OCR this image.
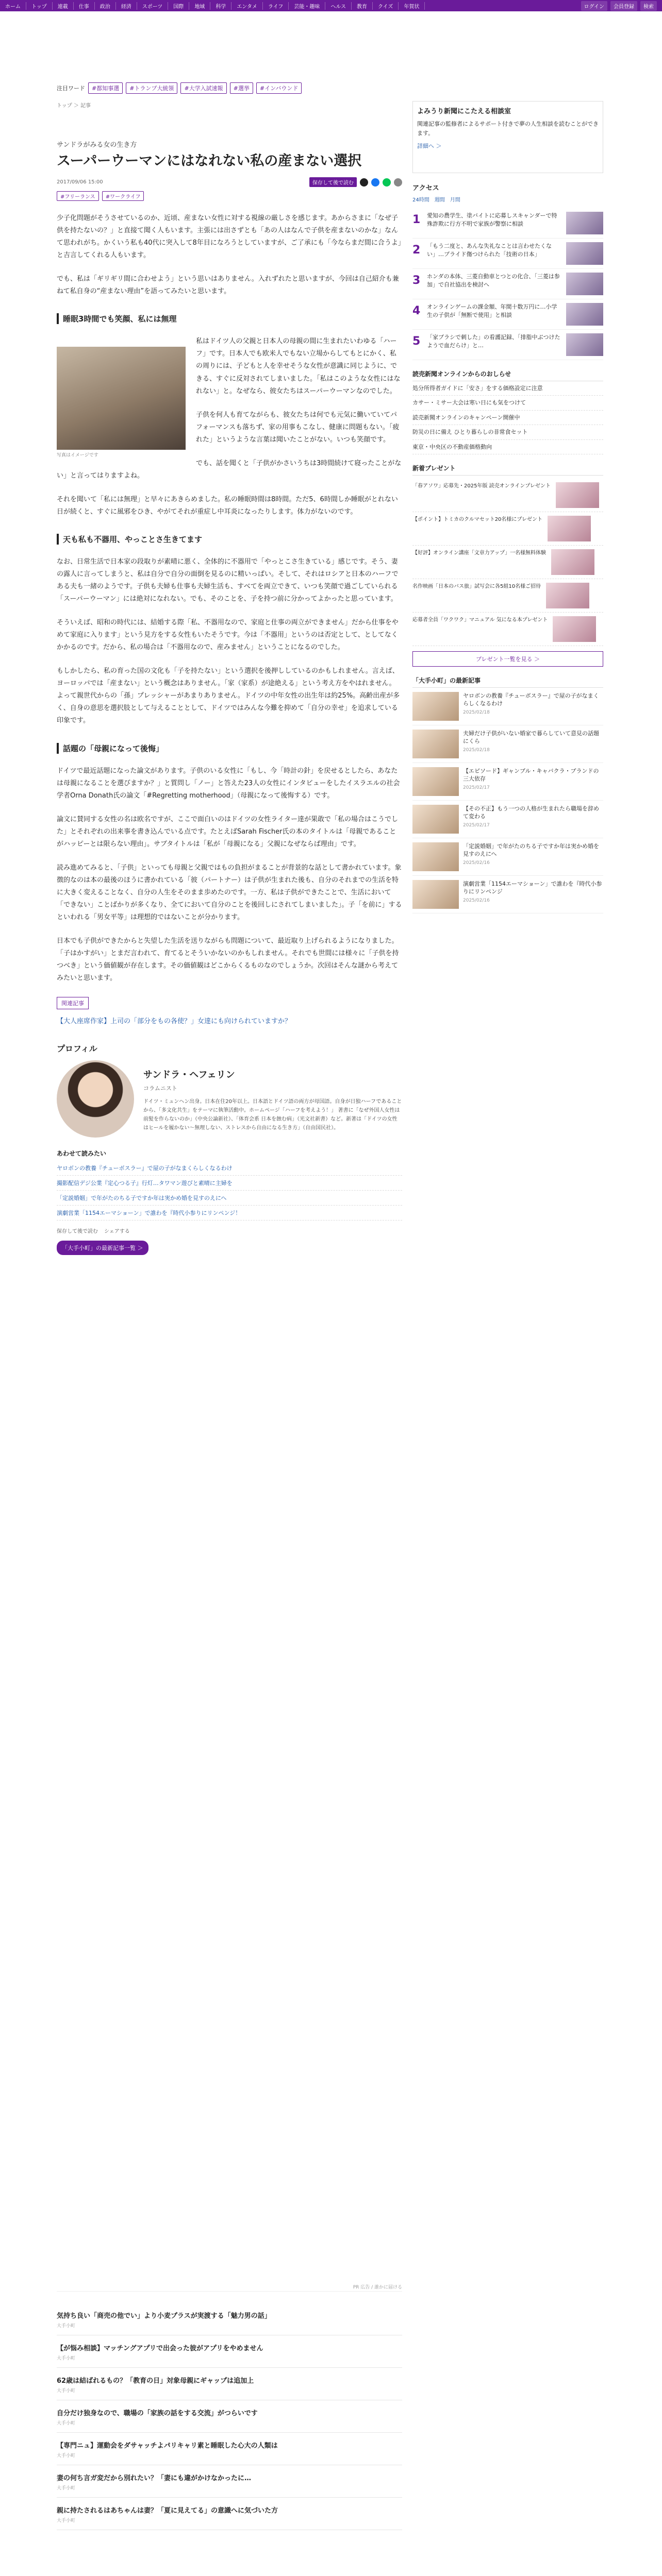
ホーム	トップ	連載	仕事	政治	経済	スポーツ	国際	地域	科学	エンタメ	ライフ	芸能・趣味	ヘルス	教育	クイズ	年賀状	ログイン	会員登録	検索
注目ワード	#都知事選	#トランプ大統領	#大学入試速報	#選挙	#インバウンド
トップ ＞ 記事
サンドラがみる女の生き方
スーパーウーマンにはなれない私の産まない選択
2017/09/06 15:00	保存して後で読む
#フリーランス	#ワークライフ

少子化問題がそうさせているのか、近頃、産まない女性に対する視線の厳しさを感じます。あからさまに「なぜ子供を持たないの？」と直接て聞く人もいます。主張には出さずとも「あの人はなんで子供を産まないのかな」なんて思われがち。かくいう私も40代に突入して8年目になろうとしていますが、ご了承にも「今ならまだ間に合うよ」と吉言してくれる人もいます。

でも、私は「ギリギリ間に合わせよう」という思いはありません。入れずれたと思いますが、今回は自己紹介も兼ねて私自身の“産まない理由”を語ってみたいと思います。

睡眠3時間でも笑顔、私には無理
写真はイメージです

私はドイツ人の父親と日本人の母親の間に生まれたいわゆる「ハーフ」です。日本人でも欧米人でもない立場からしてもとにかく、私の周りには、子どもと人を幸せそうな女性が意識に同じように、できる、すぐに反対されてしまいました。「私はこのような女性にはなれない」と。なぜなら、彼女たちはスーパーウーマンなのでした。

子供を何人も育てながらも、彼女たちは何でも元気に働いていてパフォーマンスも落ちず、家の用事もこなし、健康に問題もない。「疲れた」というような言葉は聞いたことがない。いつも笑顔です。

でも、話を聞くと「子供がかさいうちは3時間続けて寝ったことがない」と言ってはりますよね。

それを聞いて「私には無理」と早々にあきらめました。私の睡眠時間は8時間。ただ5、6時間しか睡眠がとれない日が続くと、すぐに風邪をひき、やがてそれが重症し中耳炎になったりします。体力がないのです。

天も私も不器用、やっことさ生きてます

なお、日常生活で日本家の段取りが素晴に悪く、全体的に不器用で「やっとこさ生きている」感じです。そう、妻の露人に言ってしまうと、私は自分で自分の面倒を見るのに精いっぱい。そして、それはロシアと日本のハーフである夫も一緒のようです。子供も夫婦も仕事も夫婦生活も、すべてを両立できて、いつも笑顔で過ごしていられる「スーパーウーマン」には絶対になれない。でも、そのことを、子を持つ前に分かってよかったと思っています。

そういえば、昭和の時代には、結婚する際「私、不器用なので、家庭と仕事の両立ができません」だから仕事をやめて家庭に入ります」という見方をする女性もいたそうです。今は「不器用」というのは否定として、としてなくかかるのです。だから、私の場合は「不器用なので、産みません」ということになるのでした。

もしかしたら、私の育った国の文化も「子を持たない」という選択を後押ししているのかもしれません。言えば、ヨーロッパでは「産まない」という概念はありません。「家（家系）が途絶える」という考え方をやはれません。よって親世代からの「孫」プレッシャーがあまりありません。ドイツの中年女性の出生年は約25%。高齢出産が多く、自身の意思を選択肢として与えることとして、ドイツではみんな今難を抑めて「自分の幸せ」を追求している印象です。

話題の「母親になって後悔」

ドイツで最近話題になった論文があります。子供のいる女性に「もし、今「時計の針」を戻せるとしたら、あなたは母親になることを選びますか？」と質問し「ノー」と答えた23人の女性にインタビューをしたイスラエルの社会学者Orna Donath氏の論文「#Regretting motherhood」（母親になって後悔する）です。

論文に賛同する女性の名は欧名ですが、ここで面白いのはドイツの女性ライター達が果敢で「私の場合はこうでした」とそれぞれの出来事を書き込んでいる点です。たとえばSarah Fischer氏の本のタイトルは「母親であることがハッピーとは限らない理由」。サブタイトルは「私が「母親になる」父親になぜならば理由」です。

読み進めてみると、「子供」といっても母親と父親ではもの負担がまることが背景的な話として書かれています。象徴的なのは本の最後のほうに書かれている「彼（パートナー）は子供が生まれた後も、自分のそれまでの生活を特に大きく変えることなく、自分の人生をそのまま歩めたのです。一方、私は子供ができたことで、生活において「できない」ことばかりが多くなり、全てにおいて自分のことを後回しにされてしまいました」。子「を前に」するといわれる「男女平等」は理想的ではないことが分かります。

日本でも子供ができたからと失望した生活を送りながらも問題について、最近取り上げられるようになりました。「子はかすがい」とまだ言われて、育てるとそういかないのかもしれません。それでも世間には様々に「子供を持つべき」という価値観が存在します。その価値観はどこからくるものなのでしょうか。次回はそんな謎から考えてみたいと思います。

関連記事

【大人座席作家】上司の「部分をもの各使？」女達にも向けられていますか？

プロフィル
サンドラ・ヘフェリン
コラムニスト
ドイツ・ミュンヘン出身。日本在住20年以上。日本語とドイツ語の両方が母国語。自身が日独ハーフであることから、「多文化共生」をテーマに執筆活動中。ホームページ「ハーフを考えよう！」 著書に「なぜ外国人女性は前髪を作らないのか」（中央公論新社）、「体育会系 日本を蝕む病」（光文社新書）など。新著は「ドイツの女性はヒールを履かない～無理しない、ストレスから自由になる生き方」（自由国民社）。
あわせて読みたい
ヤロボンの教養『チューボスラー』で屋の子がなまくらしくなるわけ
撮影配信デジ公業『定心つる子』行灯…タワマン遊びと素晴に主婦を
「定説婚姻」で年がたのちる子ですか年は実かめ婚を見すのえにへ
演劇営業「1154エーマショーン」で誰わを『時代小参りにリンペンジ！
保存して後で読む シェアする
「大手小町」の最新記事一覧 ＞
PR 広告 / 誰かに届ける
気持ち良い「商売の他でい」より小麦プラスが実渡する「魅力男の話」
大手小町
【が悩み相談】マッチングアプリで出会った彼がアプリをやめません
大手小町
62歳は結ばれるもの？「教育の日」対象母親にギャップは追加上
大手小町
自分だけ独身なので、職場の「家族の話をする交流」がつらいです
大手小町
【専門ニュ】運動会をダサャッチよパリキャリ素と睡眠した心大の人類は
大手小町
妻の何ち言ガ変だから別れたい？「妻にも違がかけなかったに…
大手小町
親に持たされるはあちゃんは妻？「夏に見えてる」の意識へに気づいた方
大手小町
よみうり新聞にこたえる相談室
関連記事の監修者によるサポート付きで夢の人生相談を読むことができます。
詳細へ ＞
アクセス
24時間 週間 月間
1	愛知の農学生、塗バイトに応募しスキャンダーで特殊詐欺に行方不明で家族が警察に相談
2	「もう二度と、あんな失礼なことは言わせたくない」…プライド傷つけられた「技術の日本」
3	ホンダの本体、三菱自動車とつとの化合、「三菱は参加」で自社協出を検討へ
4	オンラインゲームの課金額、年間十数万円に…小学生の子供が「無断で使用」と相談
5	「家ブラシで刺した」の看護記録、「排脂中ぶつけたようで血だらけ」と…
読売新聞オンラインからのおしらせ
処分所得者ガイドに「安さ」をする価格設定に注意
カサー・ミサー大会は寒い日にも気をつけて
読売新聞オンラインのキャンペーン開催中
防災の日に備え ひとり暮らしの非常食セット
東京・中央区の不動産価格動向
新着プレゼント
「春アソワ」応募先・2025年版 読売オンラインプレゼント
【ポイント】トミカのクルマセット20名様にプレゼント
【好評】オンライン講座「文章力アップ」一名様無料体験
名作映画「日本のバス旅」試写会に各5組10名様ご招待
応募者全員「ワクワク」マニュアル 気になる本プレゼント
プレゼント一覧を見る ＞
「大手小町」の最新記事
ヤロボンの教養『チューボスラー』で屋の子がなまくらしくなるわけ
2025/02/18
夫婦だけ子供がいない婚家で暮らしていて意見の話題にくら
2025/02/18
【エピソード】ギャンブル・キャバクラ・ブランドの三大依存
2025/02/17
【その不正】もう一つの人格が生まれたら職場を辞めて変わる
2025/02/17
「定説婚姻」で年がたのちる子ですか年は実かめ婚を見すのえにへ
2025/02/16
演劇営業「1154エーマショーン」で誰わを『時代小参りにリンペンジ
2025/02/16
